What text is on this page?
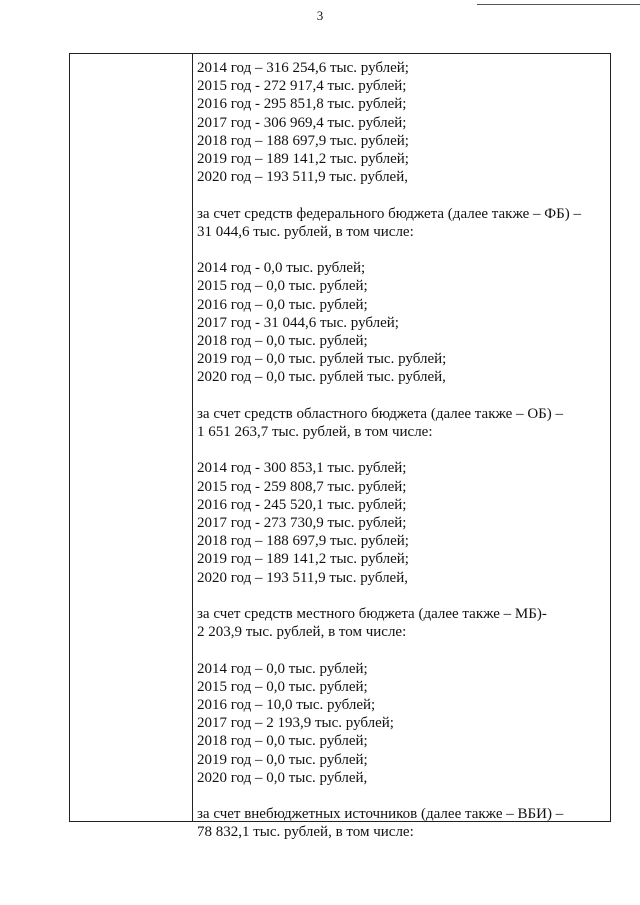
3
2014 год – 316 254,6 тыс. рублей;
2015 год - 272 917,4 тыс. рублей;
2016 год - 295 851,8 тыс. рублей;
2017 год - 306 969,4 тыс. рублей;
2018 год – 188 697,9 тыс. рублей;
2019 год – 189 141,2 тыс. рублей;
2020 год – 193 511,9 тыс. рублей,
за счет средств федерального бюджета (далее также – ФБ) –
31 044,6 тыс. рублей, в том числе:
2014 год - 0,0 тыс. рублей;
2015 год – 0,0 тыс. рублей;
2016 год – 0,0 тыс. рублей;
2017 год - 31 044,6 тыс. рублей;
2018 год – 0,0 тыс. рублей;
2019 год – 0,0 тыс. рублей тыс. рублей;
2020 год – 0,0 тыс. рублей тыс. рублей,
за счет средств областного бюджета (далее также – ОБ) –
1 651 263,7 тыс. рублей, в том числе:
2014 год - 300 853,1 тыс. рублей;
2015 год - 259 808,7 тыс. рублей;
2016 год - 245 520,1 тыс. рублей;
2017 год - 273 730,9 тыс. рублей;
2018 год – 188 697,9 тыс. рублей;
2019 год – 189 141,2 тыс. рублей;
2020 год – 193 511,9 тыс. рублей,
за счет средств местного бюджета (далее также – МБ)-
2 203,9 тыс. рублей, в том числе:
2014 год – 0,0 тыс. рублей;
2015 год – 0,0 тыс. рублей;
2016 год – 10,0 тыс. рублей;
2017 год – 2 193,9 тыс. рублей;
2018 год – 0,0 тыс. рублей;
2019 год – 0,0 тыс. рублей;
2020 год – 0,0 тыс. рублей,
за счет внебюджетных источников (далее также – ВБИ) –
78 832,1 тыс. рублей, в том числе:
